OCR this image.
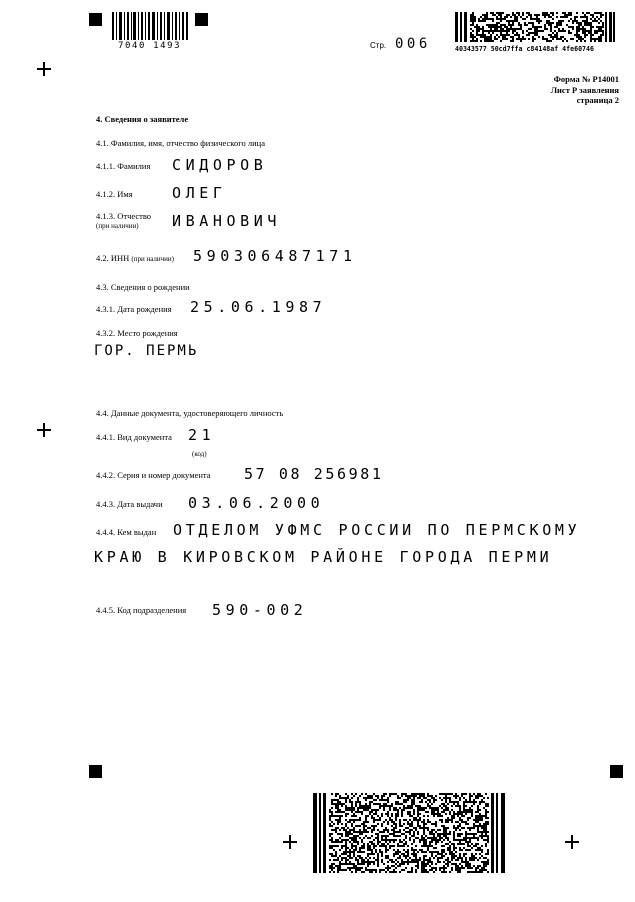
7040 1493	Стр. 006	40343577 50cd7ffa c84148af 4fe60746
Форма № Р14001
Лист Р заявления
страница 2
4. Сведения о заявителе
4.1. Фамилия, имя, отчество физического лица
4.1.1. Фамилия СИДОРОВ
4.1.2. Имя	ОЛЕГ
4.1.3. Отчество
(при наличии) ИВАНОВИЧ
4.2. ИНН (при наличии) 590306487171
4.3. Сведения о рождении
4.3.1. Дата рождения 25.06.1987
4.3.2. Место рождения
ГОР. ПЕРМЬ
4.4. Данные документа, удостоверяющего личность
4.4.1. Вид документа 21
(код)
4.4.2. Серия и номер документа 57 08 256981
4.4.3. Дата выдачи 03.06.2000
4.4.4. Кем выдан ОТДЕЛОМ УФМС РОССИИ ПО ПЕРМСКОМУ
КРАЮ В КИРОВСКОМ РАЙОНЕ ГОРОДА ПЕРМИ
4.4.5. Код подразделения 590-002
